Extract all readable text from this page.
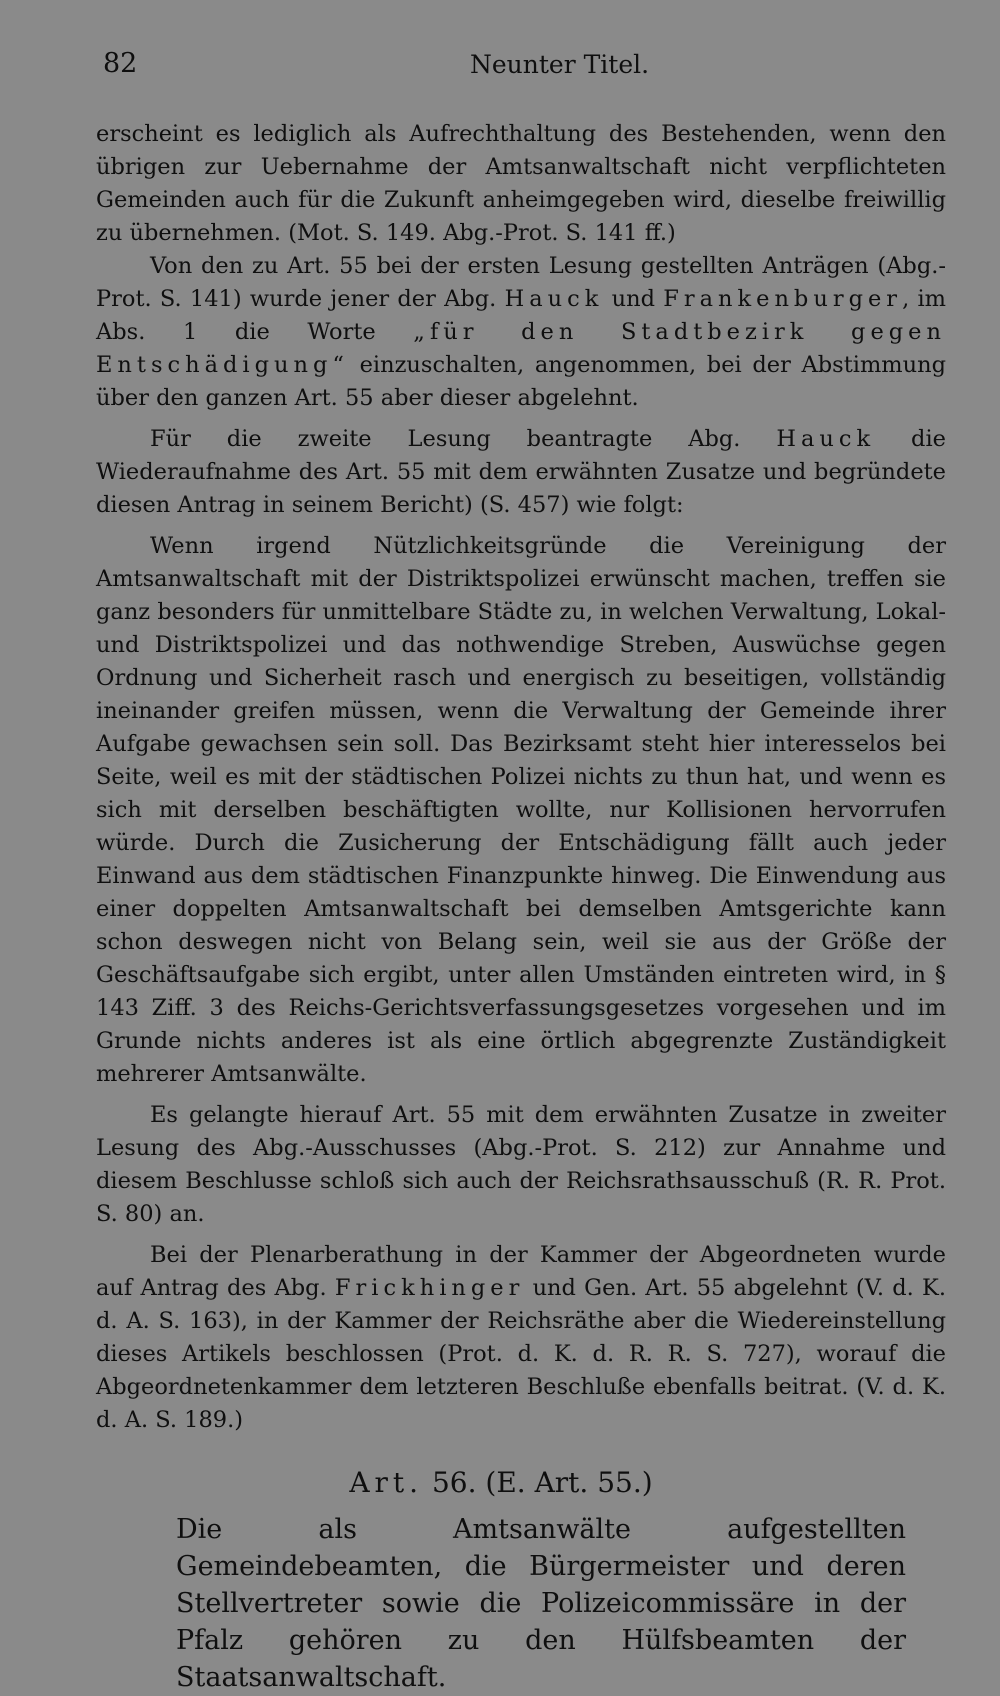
82	Neunter Titel.

erscheint es lediglich als Aufrechthaltung des Bestehenden, wenn den übrigen zur Uebernahme der Amtsanwaltschaft nicht verpflichteten Gemeinden auch für die Zukunft anheimgegeben wird, dieselbe freiwillig zu übernehmen. (Mot. S. 149. Abg.-Prot. S. 141 ff.)

Von den zu Art. 55 bei der ersten Lesung gestellten Anträgen (Abg.-Prot. S. 141) wurde jener der Abg. Hauck und Frankenburger, im Abs. 1 die Worte „für den Stadtbezirk gegen Entschädigung“ einzuschalten, angenommen, bei der Abstimmung über den ganzen Art. 55 aber dieser abgelehnt.

Für die zweite Lesung beantragte Abg. Hauck die Wiederaufnahme des Art. 55 mit dem erwähnten Zusatze und begründete diesen Antrag in seinem Bericht) (S. 457) wie folgt:

Wenn irgend Nützlichkeitsgründe die Vereinigung der Amtsanwaltschaft mit der Distriktspolizei erwünscht machen, treffen sie ganz besonders für unmittelbare Städte zu, in welchen Verwaltung, Lokal- und Distriktspolizei und das nothwendige Streben, Auswüchse gegen Ordnung und Sicherheit rasch und energisch zu beseitigen, vollständig ineinander greifen müssen, wenn die Verwaltung der Gemeinde ihrer Aufgabe gewachsen sein soll. Das Bezirksamt steht hier interesselos bei Seite, weil es mit der städtischen Polizei nichts zu thun hat, und wenn es sich mit derselben beschäftigten wollte, nur Kollisionen hervorrufen würde. Durch die Zusicherung der Entschädigung fällt auch jeder Einwand aus dem städtischen Finanzpunkte hinweg. Die Einwendung aus einer doppelten Amtsanwaltschaft bei demselben Amtsgerichte kann schon deswegen nicht von Belang sein, weil sie aus der Größe der Geschäftsaufgabe sich ergibt, unter allen Umständen eintreten wird, in § 143 Ziff. 3 des Reichs-Gerichtsverfassungsgesetzes vorgesehen und im Grunde nichts anderes ist als eine örtlich abgegrenzte Zuständigkeit mehrerer Amtsanwälte.

Es gelangte hierauf Art. 55 mit dem erwähnten Zusatze in zweiter Lesung des Abg.-Ausschusses (Abg.-Prot. S. 212) zur Annahme und diesem Beschlusse schloß sich auch der Reichsrathsausschuß (R. R. Prot. S. 80) an.

Bei der Plenarberathung in der Kammer der Abgeordneten wurde auf Antrag des Abg. Frickhinger und Gen. Art. 55 abgelehnt (V. d. K. d. A. S. 163), in der Kammer der Reichsräthe aber die Wiedereinstellung dieses Artikels beschlossen (Prot. d. K. d. R. R. S. 727), worauf die Abgeordnetenkammer dem letzteren Beschluße ebenfalls beitrat. (V. d. K. d. A. S. 189.)

Art. 56. (E. Art. 55.)
Die als Amtsanwälte aufgestellten Gemeindebeamten, die Bürgermeister und deren Stellvertreter sowie die Polizeicommissäre in der Pfalz gehören zu den Hülfsbeamten der Staatsanwaltschaft.
